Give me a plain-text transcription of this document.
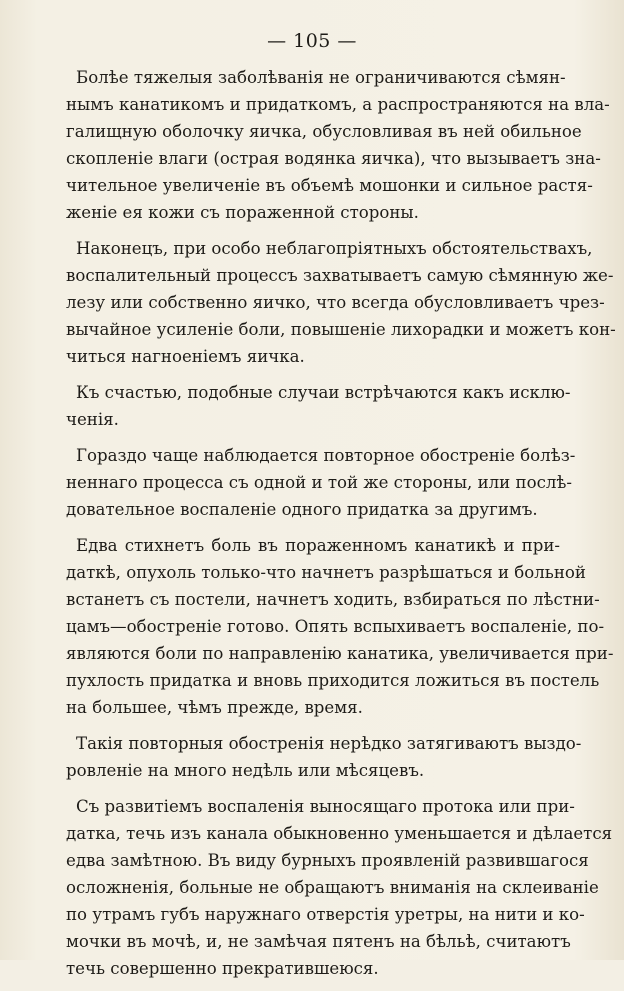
— 105 —
Болѣе тяжелыя заболѣванія не ограничиваются сѣмян-
нымъ канатикомъ и придаткомъ, а распространяются на вла-
галищную оболочку яичка, обусловливая въ ней обильное
скопленіе влаги (острая водянка яичка), что вызываетъ зна-
чительное увеличеніе въ объемѣ мошонки и сильное растя-
женіе ея кожи съ пораженной стороны.
Наконецъ, при особо неблагопріятныхъ обстоятельствахъ,
воспалительный процессъ захватываетъ самую сѣмянную же-
лезу или собственно яичко, что всегда обусловливаетъ чрез-
вычайное усиленіе боли, повышеніе лихорадки и можетъ кон-
читься нагноеніемъ яичка.
Къ счастью, подобные случаи встрѣчаются какъ исклю-
ченія.
Гораздо чаще наблюдается повторное обостреніе болѣз-
неннаго процесса съ одной и той же стороны, или послѣ-
довательное воспаленіе одного придатка за другимъ.
Едва стихнетъ боль въ пораженномъ канатикѣ и при-
даткѣ, опухоль только-что начнетъ разрѣшаться и больной
встанетъ съ постели, начнетъ ходить, взбираться по лѣстни-
цамъ—обостреніе готово. Опять вспыхиваетъ воспаленіе, по-
являются боли по направленію канатика, увеличивается при-
пухлость придатка и вновь приходится ложиться въ постель
на большее, чѣмъ прежде, время.
Такія повторныя обостренія нерѣдко затягиваютъ выздо-
ровленіе на много недѣль или мѣсяцевъ.
Съ развитіемъ воспаленія выносящаго протока или при-
датка, течь изъ канала обыкновенно уменьшается и дѣлается
едва замѣтною. Въ виду бурныхъ проявленій развившагося
осложненія, больные не обращаютъ вниманія на склеиваніе
по утрамъ губъ наружнаго отверстія уретры, на нити и ко-
мочки въ мочѣ, и, не замѣчая пятенъ на бѣльѣ, считаютъ
течь совершенно прекратившеюся.
